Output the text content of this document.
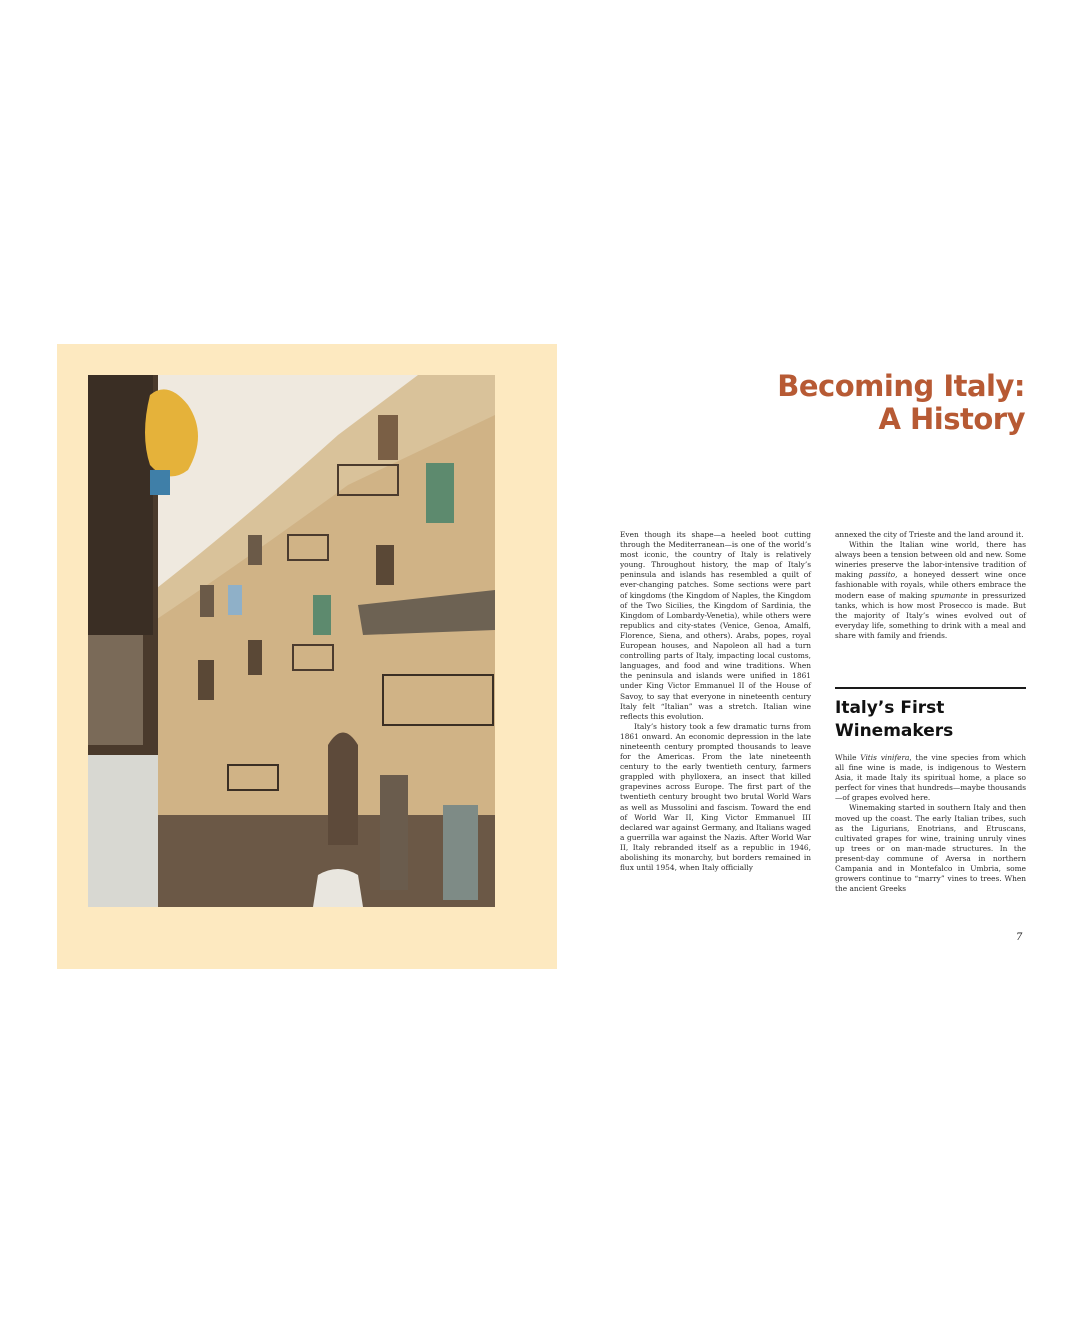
Becoming Italy:
A History

Even though its shape—a heeled boot cutting through the Mediterranean—is one of the world’s most iconic, the country of Italy is relatively young. Throughout history, the map of Italy’s peninsula and islands has resembled a quilt of ever-changing patches. Some sections were part of kingdoms (the Kingdom of Naples, the Kingdom of the Two Sicilies, the Kingdom of Sardinia, the Kingdom of Lombardy-Venetia), while others were republics and city-states (Venice, Genoa, Amalfi, Florence, Siena, and others). Arabs, popes, royal European houses, and Napoleon all had a turn controlling parts of Italy, impacting local customs, languages, and food and wine traditions. When the peninsula and islands were unified in 1861 under King Victor Emmanuel II of the House of Savoy, to say that everyone in nineteenth century Italy felt “Italian” was a stretch. Italian wine reflects this evolution.

Italy’s history took a few dramatic turns from 1861 onward. An economic depression in the late nineteenth century prompted thousands to leave for the Americas. From the late nineteenth century to the early twentieth century, farmers grappled with phylloxera, an insect that killed grapevines across Europe. The first part of the twentieth century brought two brutal World Wars as well as Mussolini and fascism. Toward the end of World War II, King Victor Emmanuel III declared war against Germany, and Italians waged a guerrilla war against the Nazis. After World War II, Italy rebranded itself as a republic in 1946, abolishing its monarchy, but borders remained in flux until 1954, when Italy officially

annexed the city of Trieste and the land around it.

Within the Italian wine world, there has always been a tension between old and new. Some wineries preserve the labor-intensive tradition of making passito, a honeyed dessert wine once fashionable with royals, while others embrace the modern ease of making spumante in pressurized tanks, which is how most Prosecco is made. But the majority of Italy’s wines evolved out of everyday life, something to drink with a meal and share with family and friends.

Italy’s First
Winemakers

While Vitis vinifera, the vine species from which all fine wine is made, is indigenous to Western Asia, it made Italy its spiritual home, a place so perfect for vines that hundreds—maybe thousands—of grapes evolved here.

Winemaking started in southern Italy and then moved up the coast. The early Italian tribes, such as the Ligurians, Enotrians, and Etruscans, cultivated grapes for wine, training unruly vines up trees or on man-made structures. In the present-day commune of Aversa in northern Campania and in Montefalco in Umbria, some growers continue to “marry” vines to trees. When the ancient Greeks

7
